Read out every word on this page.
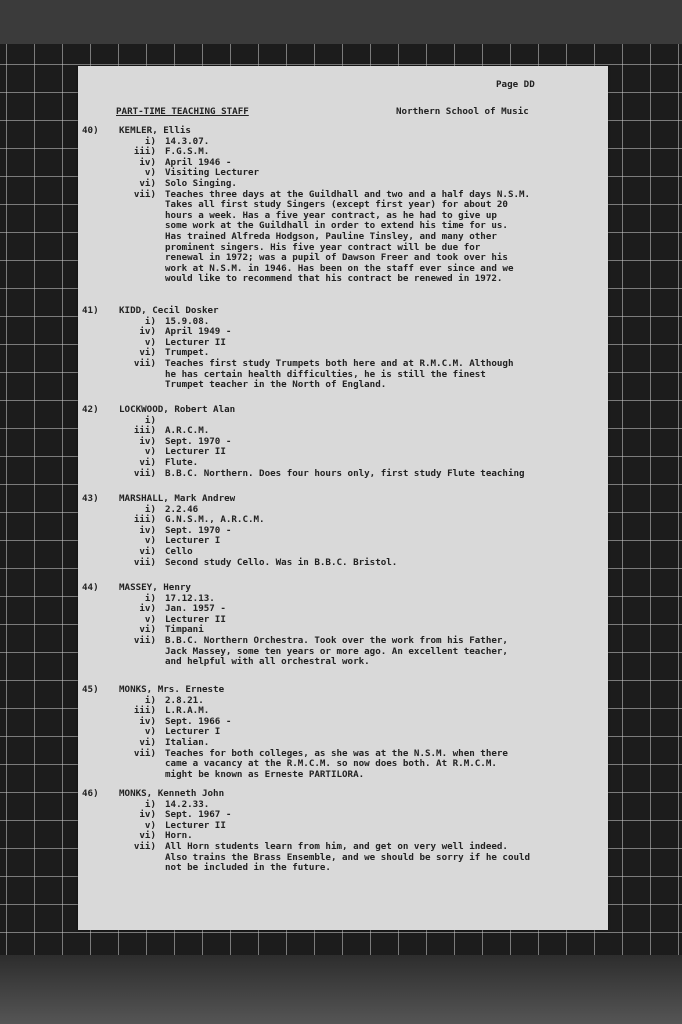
Page DD
PART-TIME TEACHING STAFF	Northern School of Music
40) KEMLER, Ellis
i) 14.3.07.
iii) F.G.S.M.
iv) April 1946 -
v) Visiting Lecturer
vi) Solo Singing.
vii) Teaches three days at the Guildhall and two and a half days N.S.M.
Takes all first study Singers (except first year) for about 20
hours a week. Has a five year contract, as he had to give up
some work at the Guildhall in order to extend his time for us.
Has trained Alfreda Hodgson, Pauline Tinsley, and many other
prominent singers. His five year contract will be due for
renewal in 1972; was a pupil of Dawson Freer and took over his
work at N.S.M. in 1946. Has been on the staff ever since and we
would like to recommend that his contract be renewed in 1972.
41) KIDD, Cecil Dosker
i) 15.9.08.
iv) April 1949 -
v) Lecturer II
vi) Trumpet.
vii) Teaches first study Trumpets both here and at R.M.C.M. Although
he has certain health difficulties, he is still the finest
Trumpet teacher in the North of England.
42) LOCKWOOD, Robert Alan
i)
iii) A.R.C.M.
iv) Sept. 1970 -
v) Lecturer II
vi) Flute.
vii) B.B.C. Northern. Does four hours only, first study Flute teaching
43) MARSHALL, Mark Andrew
i) 2.2.46
iii) G.N.S.M., A.R.C.M.
iv) Sept. 1970 -
v) Lecturer I
vi) Cello
vii) Second study Cello. Was in B.B.C. Bristol.
44) MASSEY, Henry
i) 17.12.13.
iv) Jan. 1957 -
v) Lecturer II
vi) Timpani
vii) B.B.C. Northern Orchestra. Took over the work from his Father,
Jack Massey, some ten years or more ago. An excellent teacher,
and helpful with all orchestral work.
45) MONKS, Mrs. Erneste
i) 2.8.21.
iii) L.R.A.M.
iv) Sept. 1966 -
v) Lecturer I
vi) Italian.
vii) Teaches for both colleges, as she was at the N.S.M. when there
came a vacancy at the R.M.C.M. so now does both. At R.M.C.M.
might be known as Erneste PARTILORA.
46) MONKS, Kenneth John
i) 14.2.33.
iv) Sept. 1967 -
v) Lecturer II
vi) Horn.
vii) All Horn students learn from him, and get on very well indeed.
Also trains the Brass Ensemble, and we should be sorry if he could
not be included in the future.
